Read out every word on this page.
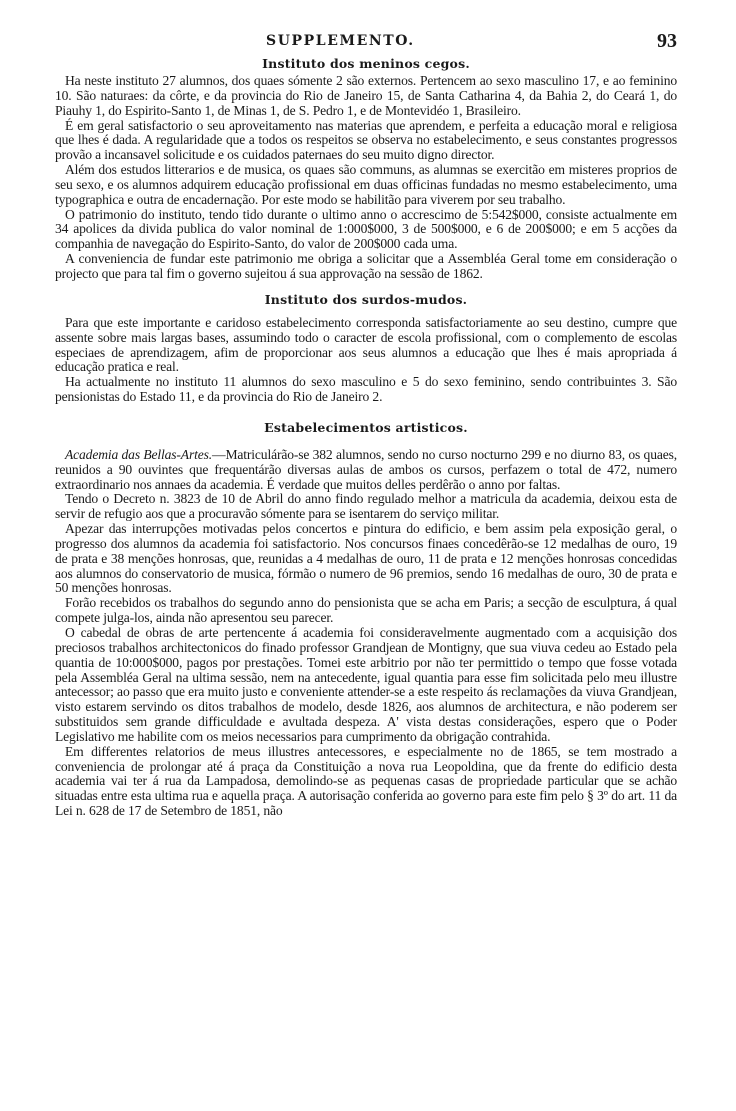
SUPPLEMENTO.	93
Instituto dos meninos cegos.

Ha neste instituto 27 alumnos, dos quaes sómente 2 são externos. Pertencem ao sexo masculino 17, e ao feminino 10. São naturaes: da côrte, e da provincia do Rio de Janeiro 15, de Santa Catharina 4, da Bahia 2, do Ceará 1, do Piauhy 1, do Espirito-Santo 1, de Minas 1, de S. Pedro 1, e de Montevidéo 1, Brasileiro.

É em geral satisfactorio o seu aproveitamento nas materias que aprendem, e perfeita a educação moral e religiosa que lhes é dada. A regularidade que a todos os respeitos se observa no estabelecimento, e seus constantes progressos provão a incansavel solicitude e os cuidados paternaes do seu muito digno director.

Além dos estudos litterarios e de musica, os quaes são communs, as alumnas se exercitão em misteres proprios de seu sexo, e os alumnos adquirem educação profissional em duas officinas fundadas no mesmo estabelecimento, uma typographica e outra de encadernação. Por este modo se habilitão para viverem por seu trabalho.

O patrimonio do instituto, tendo tido durante o ultimo anno o accrescimo de 5:542$000, consiste actualmente em 34 apolices da divida publica do valor nominal de 1:000$000, 3 de 500$000, e 6 de 200$000; e em 5 acções da companhia de navegação do Espirito-Santo, do valor de 200$000 cada uma.

A conveniencia de fundar este patrimonio me obriga a solicitar que a Assembléa Geral tome em consideração o projecto que para tal fim o governo sujeitou á sua approvação na sessão de 1862.

Instituto dos surdos-mudos.

Para que este importante e caridoso estabelecimento corresponda satisfactoriamente ao seu destino, cumpre que assente sobre mais largas bases, assumindo todo o caracter de escola profissional, com o complemento de escolas especiaes de aprendizagem, afim de proporcionar aos seus alumnos a educação que lhes é mais apropriada á educação pratica e real.

Ha actualmente no instituto 11 alumnos do sexo masculino e 5 do sexo feminino, sendo contribuintes 3. São pensionistas do Estado 11, e da provincia do Rio de Janeiro 2.

Estabelecimentos artisticos.

Academia das Bellas-Artes.—Matriculárão-se 382 alumnos, sendo no curso nocturno 299 e no diurno 83, os quaes, reunidos a 90 ouvintes que frequentárão diversas aulas de ambos os cursos, perfazem o total de 472, numero extraordinario nos annaes da academia. É verdade que muitos delles perdêrão o anno por faltas.

Tendo o Decreto n. 3823 de 10 de Abril do anno findo regulado melhor a matricula da academia, deixou esta de servir de refugio aos que a procuravão sómente para se isentarem do serviço militar.

Apezar das interrupções motivadas pelos concertos e pintura do edificio, e bem assim pela exposição geral, o progresso dos alumnos da academia foi satisfactorio. Nos concursos finaes concedêrão-se 12 medalhas de ouro, 19 de prata e 38 menções honrosas, que, reunidas a 4 medalhas de ouro, 11 de prata e 12 menções honrosas concedidas aos alumnos do conservatorio de musica, fórmão o numero de 96 premios, sendo 16 medalhas de ouro, 30 de prata e 50 menções honrosas.

Forão recebidos os trabalhos do segundo anno do pensionista que se acha em Paris; a secção de esculptura, á qual compete julga-los, ainda não apresentou seu parecer.

O cabedal de obras de arte pertencente á academia foi consideravelmente augmentado com a acquisição dos preciosos trabalhos architectonicos do finado professor Grandjean de Montigny, que sua viuva cedeu ao Estado pela quantia de 10:000$000, pagos por prestações. Tomei este arbitrio por não ter permittido o tempo que fosse votada pela Assembléa Geral na ultima sessão, nem na antecedente, igual quantia para esse fim solicitada pelo meu illustre antecessor; ao passo que era muito justo e conveniente attender-se a este respeito ás reclamações da viuva Grandjean, visto estarem servindo os ditos trabalhos de modelo, desde 1826, aos alumnos de architectura, e não poderem ser substituidos sem grande difficuldade e avultada despeza. A' vista destas considerações, espero que o Poder Legislativo me habilite com os meios necessarios para cumprimento da obrigação contrahida.

Em differentes relatorios de meus illustres antecessores, e especialmente no de 1865, se tem mostrado a conveniencia de prolongar até á praça da Constituição a nova rua Leopoldina, que da frente do edificio desta academia vai ter á rua da Lampadosa, demolindo-se as pequenas casas de propriedade particular que se achão situadas entre esta ultima rua e aquella praça. A autorisação conferida ao governo para este fim pelo § 3º do art. 11 da Lei n. 628 de 17 de Setembro de 1851, não
